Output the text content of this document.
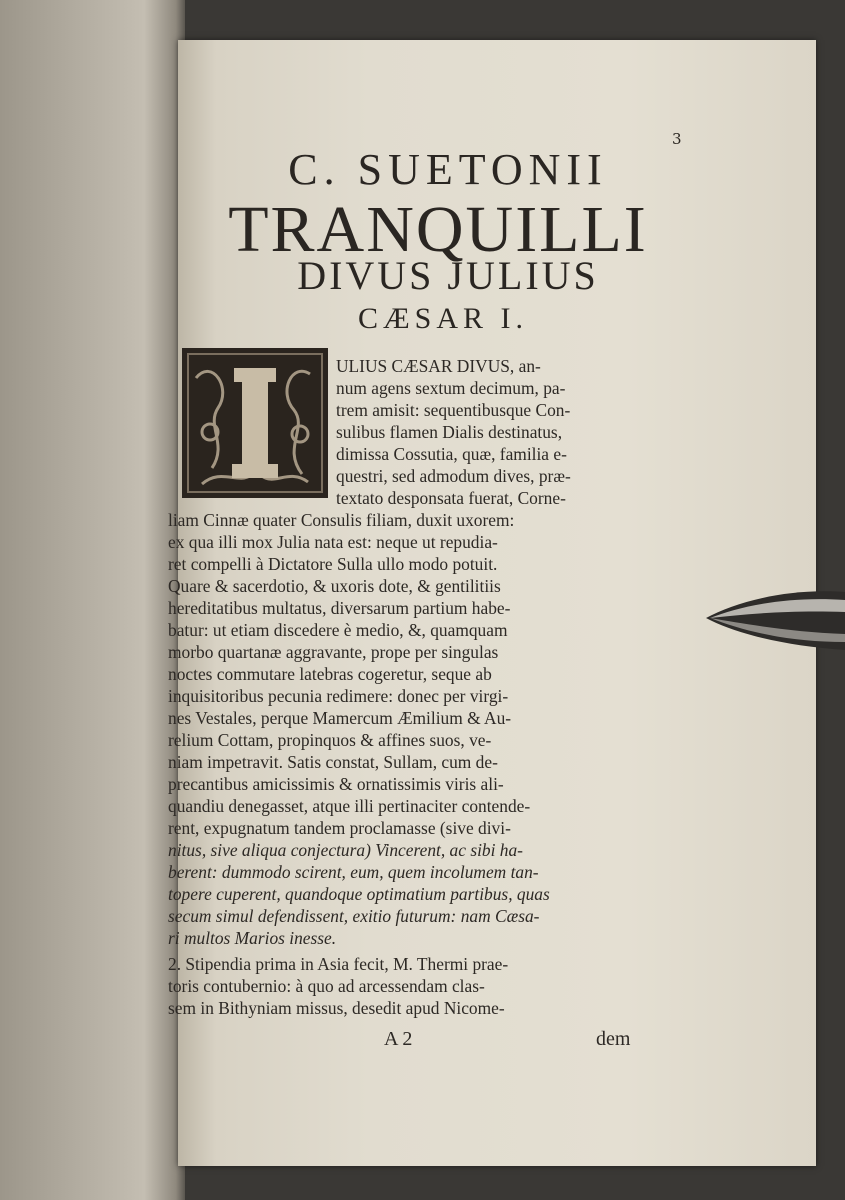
3
C. SUETONII
TRANQUILLI
DIVUS JULIUS
CÆSAR I.
ULIUS CÆSAR DIVUS, an-
num agens sextum decimum, pa-
trem amisit: sequentibusque Con-
sulibus flamen Dialis destinatus,
dimissa Cossutia, quæ, familia e-
questri, sed admodum dives, præ-
textato desponsata fuerat, Corne-
liam Cinnæ quater Consulis filiam, duxit uxorem:
ex qua illi mox Julia nata est: neque ut repudia-
ret compelli à Dictatore Sulla ullo modo potuit.
Quare & sacerdotio, & uxoris dote, & gentilitiis
hereditatibus multatus, diversarum partium habe-
batur: ut etiam discedere è medio, &, quamquam
morbo quartanæ aggravante, prope per singulas
noctes commutare latebras cogeretur, seque ab
inquisitoribus pecunia redimere: donec per virgi-
nes Vestales, perque Mamercum Æmilium & Au-
relium Cottam, propinquos & affines suos, ve-
niam impetravit. Satis constat, Sullam, cum de-
precantibus amicissimis & ornatissimis viris ali-
quandiu denegasset, atque illi pertinaciter contende-
rent, expugnatum tandem proclamasse (sive divi-
nitus, sive aliqua conjectura) Vincerent, ac sibi ha-
berent: dummodo scirent, eum, quem incolumem tan-
topere cuperent, quandoque optimatium partibus, quas
secum simul defendissent, exitio futurum: nam Cæsa-
ri multos Marios inesse.
2. Stipendia prima in Asia fecit, M. Thermi prae-
toris contubernio: à quo ad arcessendam clas-
sem in Bithyniam missus, desedit apud Nicome-
A 2	dem
